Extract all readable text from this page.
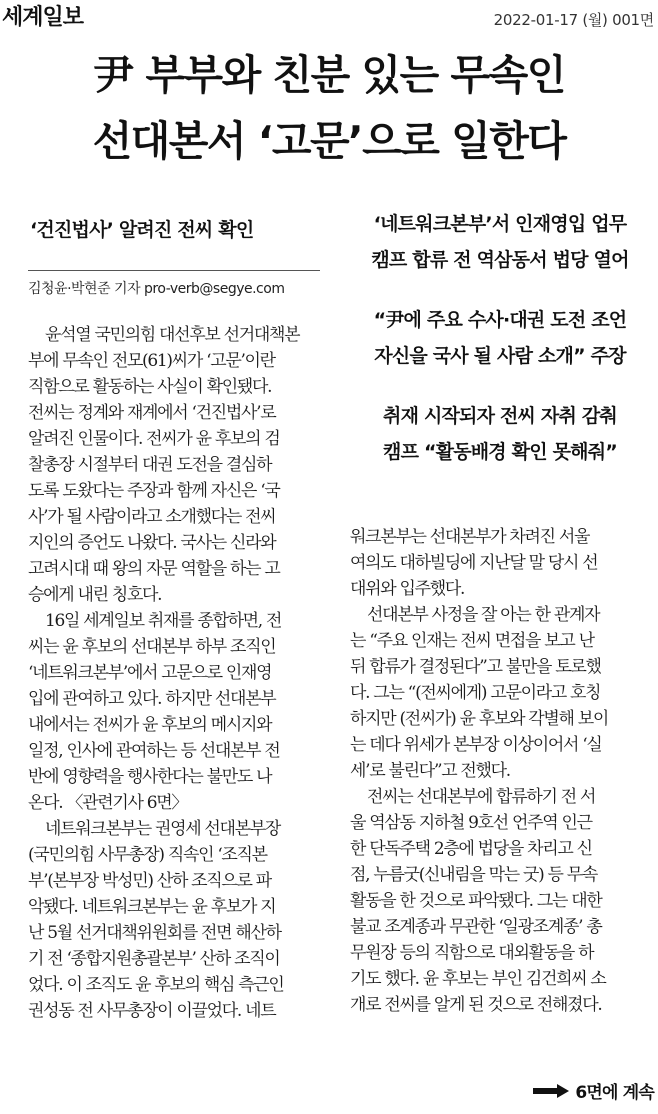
세계일보	2022-01-17 (월) 001면
尹 부부와 친분 있는 무속인
선대본서 ‘고문’으로 일한다
‘건진법사’ 알려진 전씨 확인
김청윤·박현준 기자 pro-verb@segye.com
‘네트워크본부’서 인재영입 업무
캠프 합류 전 역삼동서 법당 열어
“尹에 주요 수사·대권 도전 조언
자신을 국사 될 사람 소개” 주장
취재 시작되자 전씨 자취 감춰
캠프 “활동배경 확인 못해줘”
윤석열 국민의힘 대선후보 선거대책본
부에 무속인 전모(61)씨가 ‘고문’이란
직함으로 활동하는 사실이 확인됐다.
전씨는 정계와 재계에서 ‘건진법사’로
알려진 인물이다. 전씨가 윤 후보의 검
찰총장 시절부터 대권 도전을 결심하
도록 도왔다는 주장과 함께 자신은 ‘국
사’가 될 사람이라고 소개했다는 전씨
지인의 증언도 나왔다. 국사는 신라와
고려시대 때 왕의 자문 역할을 하는 고
승에게 내린 칭호다.
16일 세계일보 취재를 종합하면, 전
씨는 윤 후보의 선대본부 하부 조직인
‘네트워크본부’에서 고문으로 인재영
입에 관여하고 있다. 하지만 선대본부
내에서는 전씨가 윤 후보의 메시지와
일정, 인사에 관여하는 등 선대본부 전
반에 영향력을 행사한다는 불만도 나
온다. 〈관련기사 6면〉
네트워크본부는 권영세 선대본부장
(국민의힘 사무총장) 직속인 ‘조직본
부’(본부장 박성민) 산하 조직으로 파
악됐다. 네트워크본부는 윤 후보가 지
난 5월 선거대책위원회를 전면 해산하
기 전 ‘종합지원총괄본부’ 산하 조직이
었다. 이 조직도 윤 후보의 핵심 측근인
권성동 전 사무총장이 이끌었다. 네트
워크본부는 선대본부가 차려진 서울
여의도 대하빌딩에 지난달 말 당시 선
대위와 입주했다.
선대본부 사정을 잘 아는 한 관계자
는 “주요 인재는 전씨 면접을 보고 난
뒤 합류가 결정된다”고 불만을 토로했
다. 그는 “(전씨에게) 고문이라고 호칭
하지만 (전씨가) 윤 후보와 각별해 보이
는 데다 위세가 본부장 이상이어서 ‘실
세’로 불린다”고 전했다.
전씨는 선대본부에 합류하기 전 서
울 역삼동 지하철 9호선 언주역 인근
한 단독주택 2층에 법당을 차리고 신
점, 누름굿(신내림을 막는 굿) 등 무속
활동을 한 것으로 파악됐다. 그는 대한
불교 조계종과 무관한 ‘일광조계종’ 총
무원장 등의 직함으로 대외활동을 하
기도 했다. 윤 후보는 부인 김건희씨 소
개로 전씨를 알게 된 것으로 전해졌다.
6면에 계속
